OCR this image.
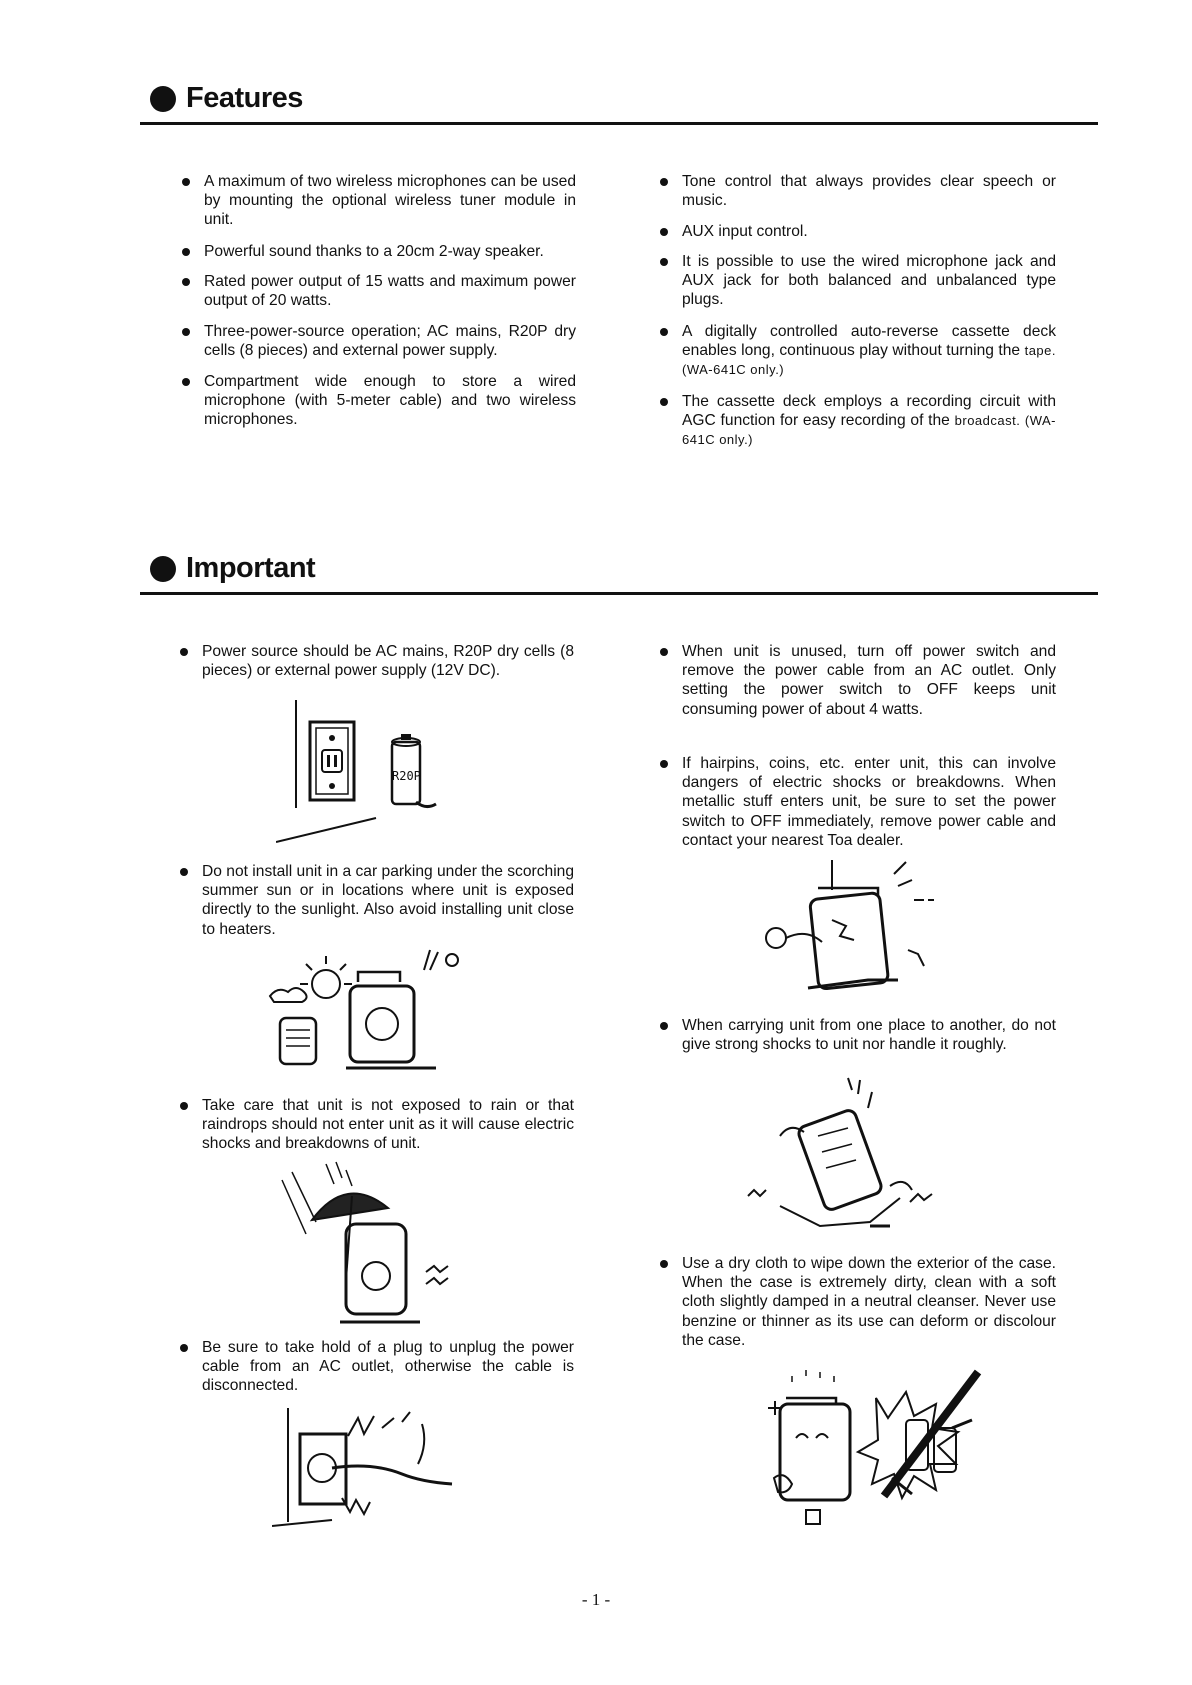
Features
A maximum of two wireless microphones can be used by mounting the optional wireless tuner module in unit.
Powerful sound thanks to a 20cm 2-way speaker.
Rated power output of 15 watts and maximum power output of 20 watts.
Three-power-source operation; AC mains, R20P dry cells (8 pieces) and external power supply.
Compartment wide enough to store a wired microphone (with 5-meter cable) and two wireless microphones.
Tone control that always provides clear speech or music.
AUX input control.
It is possible to use the wired microphone jack and AUX jack for both balanced and unbalanced type plugs.
A digitally controlled auto-reverse cassette deck enables long, continuous play without turning the tape. (WA-641C only.)
The cassette deck employs a recording circuit with AGC function for easy recording of the broadcast. (WA-641C only.)
Important
Power source should be AC mains, R20P dry cells (8 pieces) or external power supply (12V DC).
R20P
Do not install unit in a car parking under the scorching summer sun or in locations where unit is exposed directly to the sunlight. Also avoid installing unit close to heaters.
Take care that unit is not exposed to rain or that raindrops should not enter unit as it will cause electric shocks and breakdowns of unit.
Be sure to take hold of a plug to unplug the power cable from an AC outlet, otherwise the cable is disconnected.
When unit is unused, turn off power switch and remove the power cable from an AC outlet. Only setting the power switch to OFF keeps unit consuming power of about 4 watts.
If hairpins, coins, etc. enter unit, this can involve dangers of electric shocks or breakdowns. When metallic stuff enters unit, be sure to set the power switch to OFF immediately, remove power cable and contact your nearest Toa dealer.
When carrying unit from one place to another, do not give strong shocks to unit nor handle it roughly.
Use a dry cloth to wipe down the exterior of the case. When the case is extremely dirty, clean with a soft cloth slightly damped in a neutral cleanser. Never use benzine or thinner as its use can deform or discolour the case.
- 1 -
